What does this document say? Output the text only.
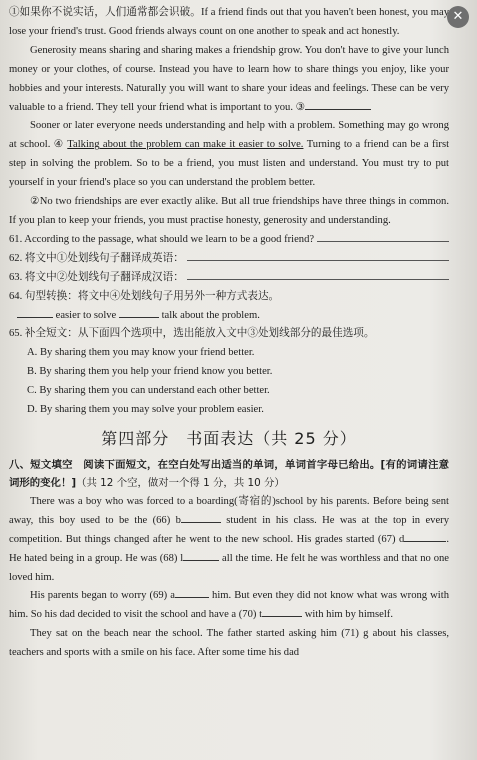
✕

①如果你不说实话，人们通常都会识破。If a friend finds out that you haven't been honest, you may lose your friend's trust. Good friends always count on one another to speak and act honestly.

Generosity means sharing and sharing makes a friendship grow. You don't have to give your lunch money or your clothes, of course. Instead you have to learn how to share things you enjoy, like your hobbies and your interests. Naturally you will want to share your ideas and feelings. These can be very valuable to a friend. They tell your friend what is important to you. ③

Sooner or later everyone needs understanding and help with a problem. Something may go wrong at school. ④ Talking about the problem can make it easier to solve. Turning to a friend can be a first step in solving the problem. So to be a friend, you must listen and understand. You must try to put yourself in your friend's place so you can understand the problem better.

②No two friendships are ever exactly alike. But all true friendships have three things in common. If you plan to keep your friends, you must practise honesty, generosity and understanding.

61. According to the passage, what should we learn to be a good friend?
62. 将文中①处划线句子翻译成英语：
63. 将文中②处划线句子翻译成汉语：
64. 句型转换：将文中④处划线句子用另外一种方式表达。

easier to solve

	talk about the problem.
65. 补全短文：从下面四个选项中，选出能放入文中③处划线部分的最佳选项。
A. By sharing them you may know your friend better.
B. By sharing them you help your friend know you better.
C. By sharing them you can understand each other better.
D. By sharing them you may solve your problem easier.
第四部分　书面表达（共 25 分）

八、短文填空　阅读下面短文，在空白处写出适当的单词，单词首字母已给出。[有的词请注意词形的变化！]（共 12 个空，做对一个得 1 分，共 10 分）

There was a boy who was forced to a boarding(寄宿的)school by his parents. Before being sent away, this boy used to be the (66) b	student in his class. He was at the top in every competition. But things changed after he went to the new school. His grades started (67) d	. He hated being in a group. He was (68) l	all the time. He felt he was worthless and that no one loved him.

His parents began to worry (69) a	him. But even they did not know what was wrong with him. So his dad decided to visit the school and have a (70) t	with him by himself.

They sat on the beach near the school. The father started asking him (71) g about his classes, teachers and sports with a smile on his face. After some time his dad
